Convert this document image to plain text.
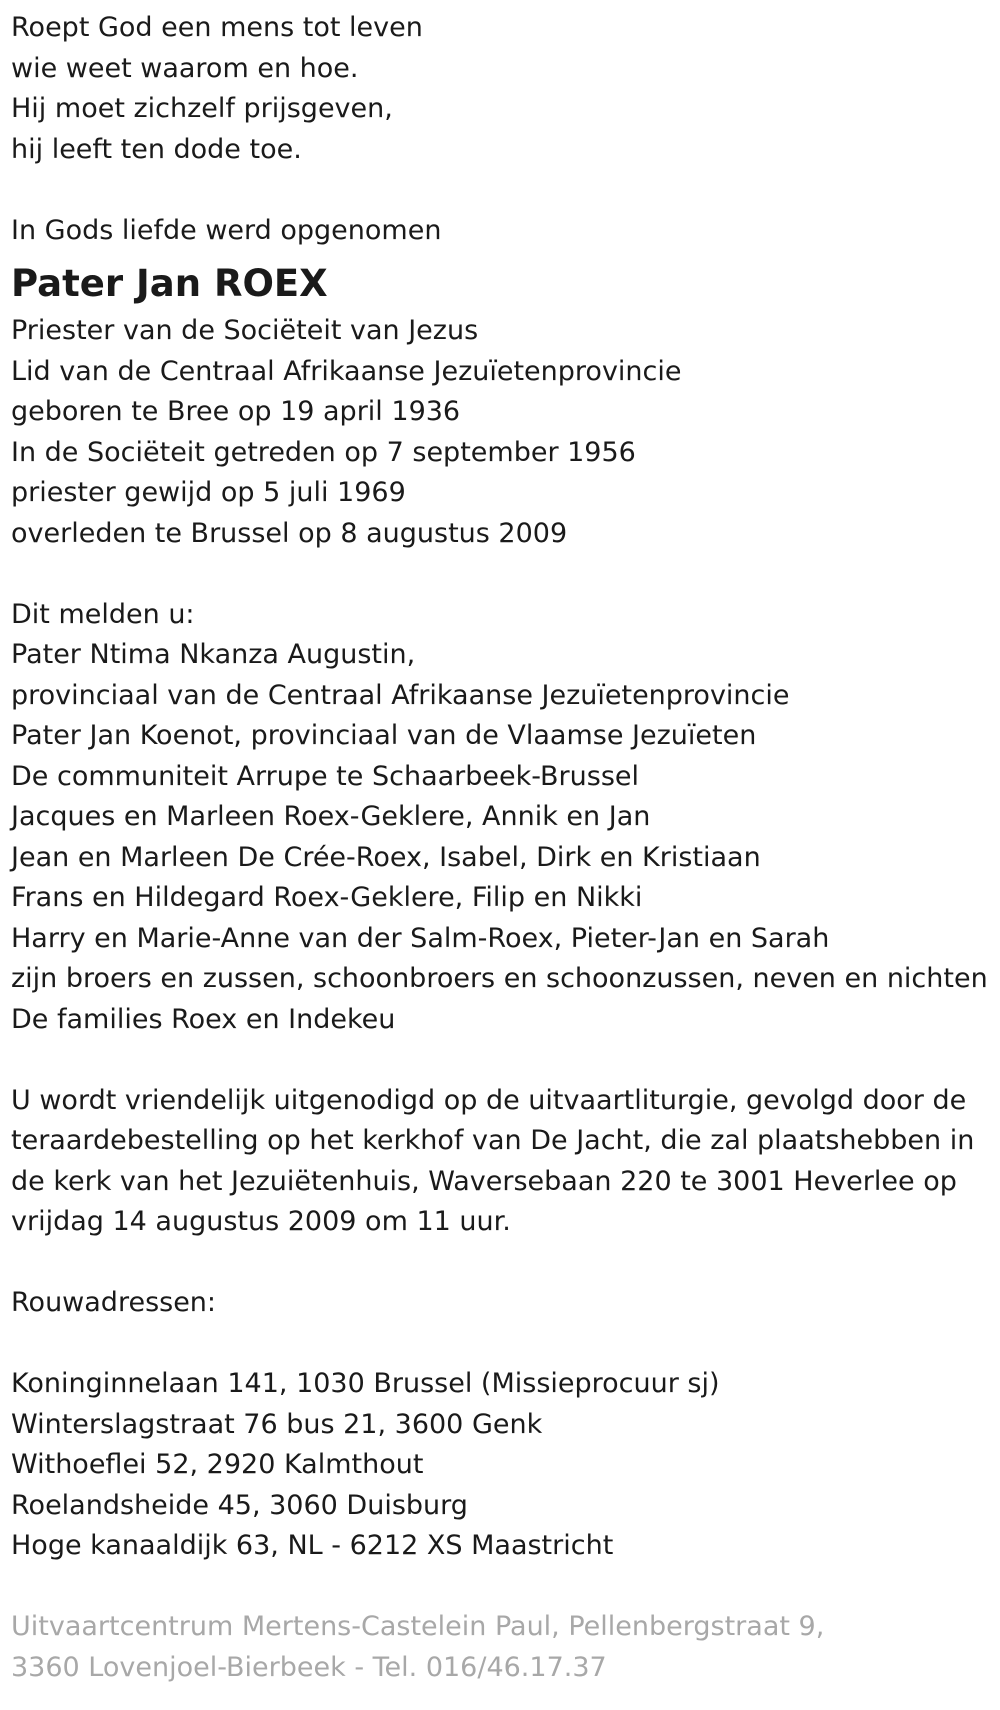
Roept God een mens tot leven
wie weet waarom en hoe.
Hij moet zichzelf prijsgeven,
hij leeft ten dode toe.
In Gods liefde werd opgenomen
Pater Jan ROEX
Priester van de Sociëteit van Jezus
Lid van de Centraal Afrikaanse Jezuïetenprovincie
geboren te Bree op 19 april 1936
In de Sociëteit getreden op 7 september 1956
priester gewijd op 5 juli 1969
overleden te Brussel op 8 augustus 2009
Dit melden u:
Pater Ntima Nkanza Augustin,
provinciaal van de Centraal Afrikaanse Jezuïetenprovincie
Pater Jan Koenot, provinciaal van de Vlaamse Jezuïeten
De communiteit Arrupe te Schaarbeek-Brussel
Jacques en Marleen Roex-Geklere, Annik en Jan
Jean en Marleen De Crée-Roex, Isabel, Dirk en Kristiaan
Frans en Hildegard Roex-Geklere, Filip en Nikki
Harry en Marie-Anne van der Salm-Roex, Pieter-Jan en Sarah
zijn broers en zussen, schoonbroers en schoonzussen, neven en nichten
De families Roex en Indekeu
U wordt vriendelijk uitgenodigd op de uitvaartliturgie, gevolgd door de
teraardebestelling op het kerkhof van De Jacht, die zal plaatshebben in
de kerk van het Jezuiëtenhuis, Waversebaan 220 te 3001 Heverlee op
vrijdag 14 augustus 2009 om 11 uur.
Rouwadressen:
Koninginnelaan 141, 1030 Brussel (Missieprocuur sj)
Winterslagstraat 76 bus 21, 3600 Genk
Withoeflei 52, 2920 Kalmthout
Roelandsheide 45, 3060 Duisburg
Hoge kanaaldijk 63, NL - 6212 XS Maastricht
Uitvaartcentrum Mertens-Castelein Paul, Pellenbergstraat 9,
3360 Lovenjoel-Bierbeek - Tel. 016/46.17.37
